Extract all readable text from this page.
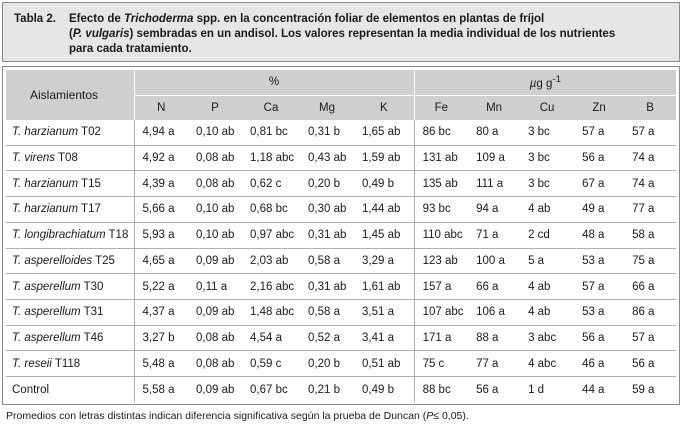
Tabla 2. Efecto de Trichoderma spp. en la concentración foliar de elementos en plantas de fríjol
(P. vulgaris) sembradas en un andisol. Los valores representan la media individual de los nutrientes
para cada tratamiento.
Aislamientos	%					µg $g^{-1}$
	N	P	Ca	Mg	K	Fe	Mn	Cu	Zn	B
T. harzianum T02	4,94 a	0,10 ab	0,81 bc	0,31 b	1,65 ab	86 bc	80 a	3 bc	57 a	57 a
T. virens T08	4,92 a	0,08 ab	1,18 abc	0,43 ab	1,59 ab	131 ab	109 a	3 bc	56 a	74 a
T. harzianum T15	4,39 a	0,08 ab	0,62 c	0,20 b	0,49 b	135 ab	111 a	3 bc	67 a	74 a
T. harzianum T17	5,66 a	0,10 ab	0,68 bc	0,30 ab	1,44 ab	93 bc	94 a	4 ab	49 a	77 a
T. longibrachiatum T18	5,93 a	0,10 ab	0,97 abc	0,31 ab	1,45 ab	110 abc	71 a	2 cd	48 a	58 a
T. asperelloides T25	4,65 a	0,09 ab	2,03 ab	0,58 a	3,29 a	123 ab	100 a	5 a	53 a	75 a
T. asperellum T30	5,22 a	0,11 a	2,16 abc	0,31 ab	1,61 ab	157 a	66 a	4 ab	57 a	66 a
T. asperellum T31	4,37 a	0,09 ab	1,48 abc	0,58 a	3,51 a	107 abc	106 a	4 ab	53 a	86 a
T. asperellum T46	3,27 b	0,08 ab	4,54 a	0,52 a	3,41 a	171 a	88 a	3 abc	56 a	57 a
T. reseii T118	5,48 a	0,08 ab	0,59 c	0,20 b	0,51 ab	75 c	77 a	4 abc	46 a	56 a
Control	5,58 a	0,09 ab	0,67 bc	0,21 b	0,49 b	88 bc	56 a	1 d	44 a	59 a
Promedios con letras distintas indican diferencia significativa según la prueba de Duncan (P≤ 0,05).
